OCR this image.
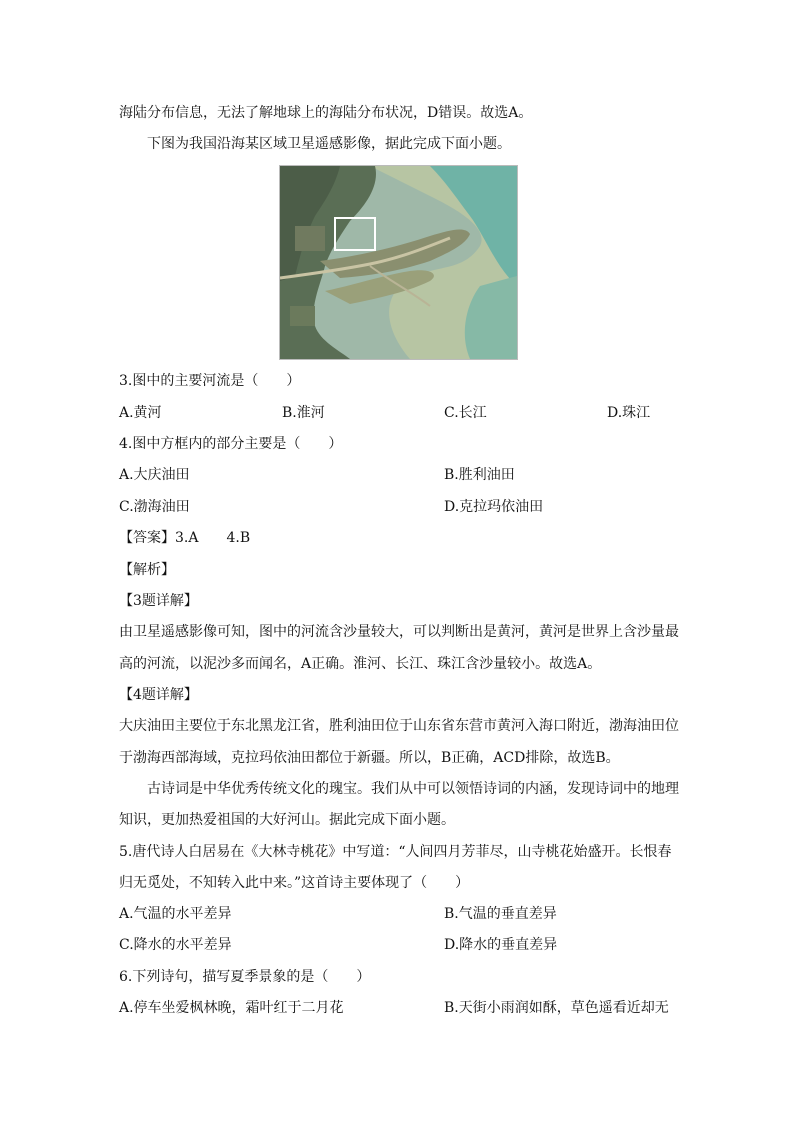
海陆分布信息，无法了解地球上的海陆分布状况，D错误。故选A。
下图为我国沿海某区域卫星遥感影像，据此完成下面小题。
3.图中的主要河流是（　　）
A.黄河	B.淮河	C.长江	D.珠江
4.图中方框内的部分主要是（　　）
A.大庆油田	B.胜利油田
C.渤海油田	D.克拉玛依油田
【答案】3.A　　4.B
【解析】
【3题详解】
由卫星遥感影像可知，图中的河流含沙量较大，可以判断出是黄河，黄河是世界上含沙量最
高的河流，以泥沙多而闻名，A正确。淮河、长江、珠江含沙量较小。故选A。
【4题详解】
大庆油田主要位于东北黑龙江省，胜利油田位于山东省东营市黄河入海口附近，渤海油田位
于渤海西部海域，克拉玛依油田都位于新疆。所以，B正确，ACD排除，故选B。
古诗词是中华优秀传统文化的瑰宝。我们从中可以领悟诗词的内涵，发现诗词中的地理
知识，更加热爱祖国的大好河山。据此完成下面小题。
5.唐代诗人白居易在《大林寺桃花》中写道：“人间四月芳菲尽，山寺桃花始盛开。长恨春
归无觅处，不知转入此中来。”这首诗主要体现了（　　）
A.气温的水平差异	B.气温的垂直差异
C.降水的水平差异	D.降水的垂直差异
6.下列诗句，描写夏季景象的是（　　）
A.停车坐爱枫林晚，霜叶红于二月花	B.天街小雨润如酥，草色遥看近却无
